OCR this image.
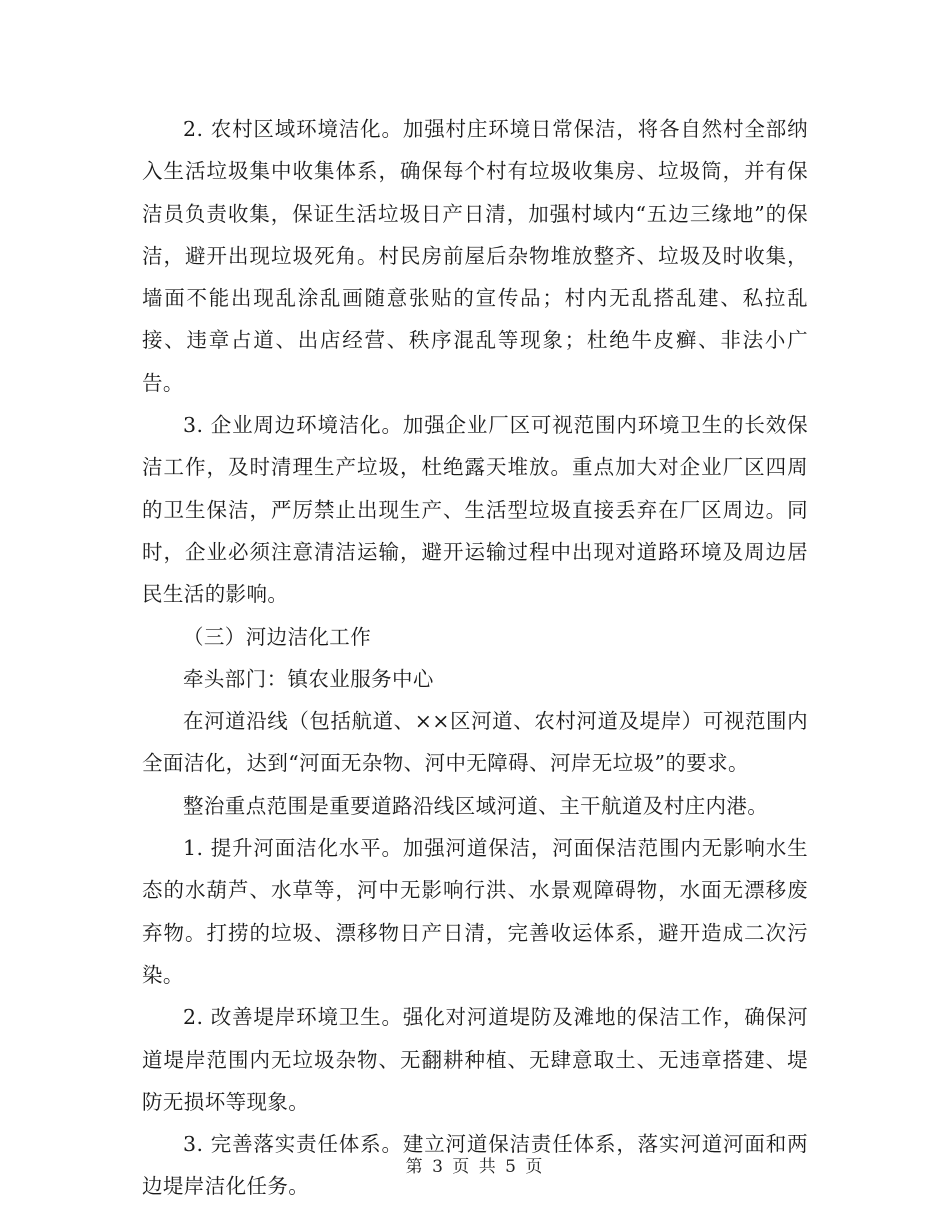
2. 农村区域环境洁化。加强村庄环境日常保洁，将各自然村全部纳入生活垃圾集中收集体系，确保每个村有垃圾收集房、垃圾筒，并有保洁员负责收集，保证生活垃圾日产日清，加强村域内“五边三缘地”的保洁，避开出现垃圾死角。村民房前屋后杂物堆放整齐、垃圾及时收集，墙面不能出现乱涂乱画随意张贴的宣传品；村内无乱搭乱建、私拉乱接、违章占道、出店经营、秩序混乱等现象；杜绝牛皮癣、非法小广告。

3. 企业周边环境洁化。加强企业厂区可视范围内环境卫生的长效保洁工作，及时清理生产垃圾，杜绝露天堆放。重点加大对企业厂区四周的卫生保洁，严厉禁止出现生产、生活型垃圾直接丢弃在厂区周边。同时，企业必须注意清洁运输，避开运输过程中出现对道路环境及周边居民生活的影响。

（三）河边洁化工作

牵头部门：镇农业服务中心

在河道沿线（包括航道、××区河道、农村河道及堤岸）可视范围内全面洁化，达到“河面无杂物、河中无障碍、河岸无垃圾”的要求。

整治重点范围是重要道路沿线区域河道、主干航道及村庄内港。

1. 提升河面洁化水平。加强河道保洁，河面保洁范围内无影响水生态的水葫芦、水草等，河中无影响行洪、水景观障碍物，水面无漂移废弃物。打捞的垃圾、漂移物日产日清，完善收运体系，避开造成二次污染。

2. 改善堤岸环境卫生。强化对河道堤防及滩地的保洁工作，确保河道堤岸范围内无垃圾杂物、无翻耕种植、无肆意取土、无违章搭建、堤防无损坏等现象。

3. 完善落实责任体系。建立河道保洁责任体系，落实河道河面和两边堤岸洁化任务。

第 3 页 共 5 页
